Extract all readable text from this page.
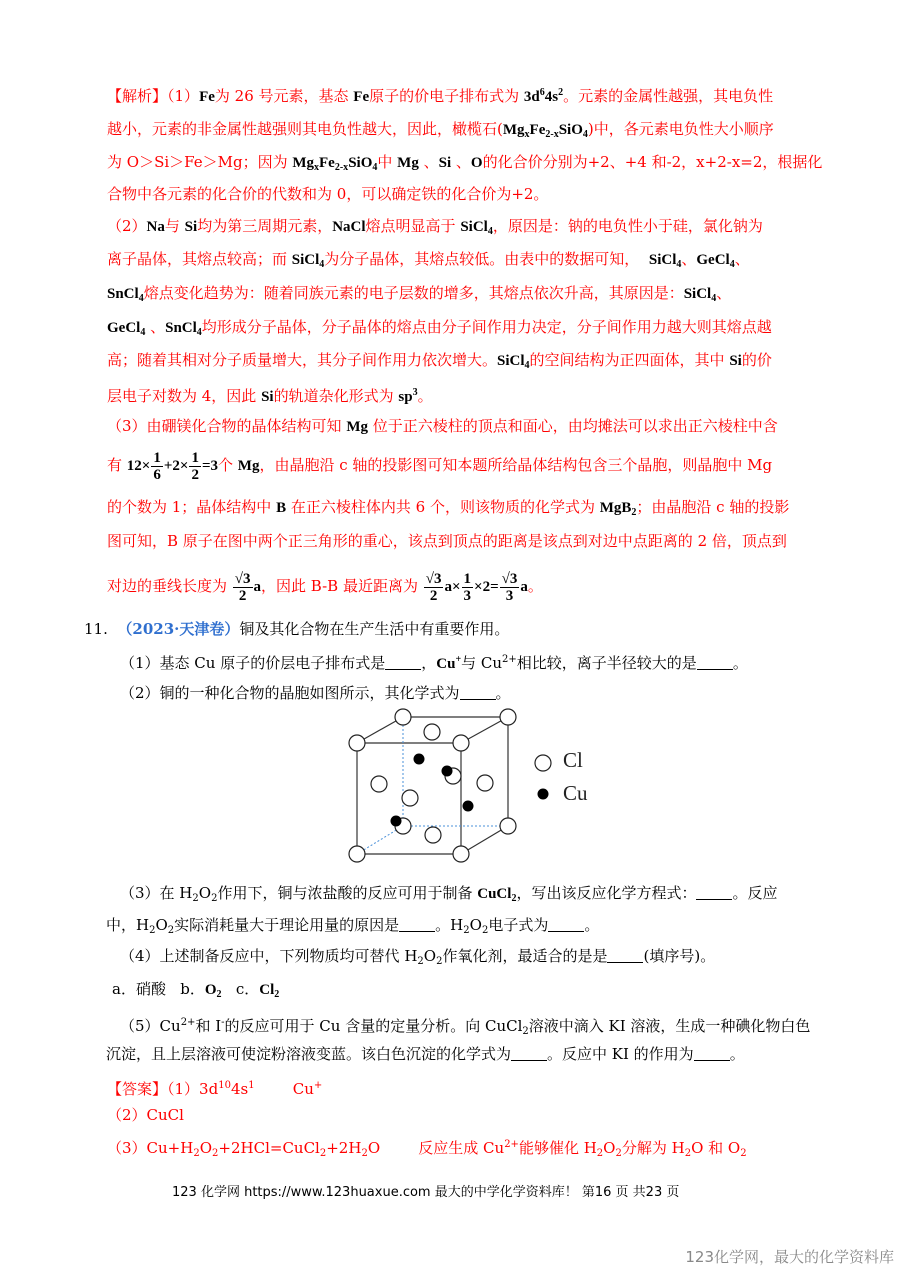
【解析】（1）Fe为 26 号元素，基态 Fe原子的价电子排布式为 $3d^64s^2$。元素的金属性越强，其电负性
越小，元素的非金属性越强则其电负性越大，因此，橄榄石$(Mg_xFe_{2-x}SiO_4)$中，各元素电负性大小顺序
为 O＞Si＞Fe＞Mg；因为 $Mg_xFe_{2-x}SiO_4$中 Mg 、Si 、O的化合价分别为+2、+4 和-2，x+2-x=2，根据化
合物中各元素的化合价的代数和为 0，可以确定铁的化合价为+2。
（2）Na与 Si均为第三周期元素，NaCl熔点明显高于 SiCl$_4$，原因是：钠的电负性小于硅，氯化钠为
离子晶体，其熔点较高；而 SiCl$_4$为分子晶体，其熔点较低。由表中的数据可知， SiCl$_4$、GeCl$_4$、
SnCl$_4$熔点变化趋势为：随着同族元素的电子层数的增多，其熔点依次升高，其原因是：SiCl$_4$、
GeCl$_4$ 、SnCl$_4$均形成分子晶体，分子晶体的熔点由分子间作用力决定，分子间作用力越大则其熔点越
高；随着其相对分子质量增大，其分子间作用力依次增大。SiCl$_4$的空间结构为正四面体，其中 Si的价
层电子对数为 4，因此 Si的轨道杂化形式为 $sp^3$。
（3）由硼镁化合物的晶体结构可知 Mg 位于正六棱柱的顶点和面心，由均摊法可以求出正六棱柱中含
有 $12\times \frac{1}{6} +2\times \frac{1}{2} =3$个 Mg，由晶胞沿 c 轴的投影图可知本题所给晶体结构包含三个晶胞，则晶胞中 Mg
的个数为 1；晶体结构中 B 在正六棱柱体内共 6 个，则该物质的化学式为 MgB$_2$；由晶胞沿 c 轴的投影
图可知，B 原子在图中两个正三角形的重心，该点到顶点的距离是该点到对边中点距离的 2 倍，顶点到
对边的垂线长度为 $\frac{√3}{2}$ a，因此 B-B 最近距离为 $\frac{√3}{2} a\times \frac{1}{3} \times 2= \frac{√3}{3}$ a。
11. （2023·天津卷）铜及其化合物在生产生活中有重要作用。
（1）基态 Cu 原子的价层电子排布式是 ，Cu+与 $Cu^{2+}$相比较，离子半径较大的是 。
（2）铜的一种化合物的晶胞如图所示，其化学式为 。
Cl
Cu
（3）在 $H_2O_2$作用下，铜与浓盐酸的反应可用于制备 CuCl$_2$，写出该反应化学方程式： 。反应
中，$H_2O_2$实际消耗量大于理论用量的原因是 。$H_2O_2$电子式为 。
（4）上述制备反应中，下列物质均可替代 $H_2O_2$作氧化剂，最适合的是是 (填序号)。
a．硝酸 b．$O_2$ c．$Cl_2$
$(5)Cu^{2+}$和 I-的反应可用于 Cu 含量的定量分析。向 CuCl$_2$溶液中滴入 KI 溶液，生成一种碘化物白色
沉淀，且上层溶液可使淀粉溶液变蓝。该白色沉淀的化学式为 。反应中 KI 的作用为 。
【答案】$(1)3d^{10}4s^1$	Cu+
（2）CuCl
$(3)Cu+H_2O_2+2HCl=CuCl_2+2H_2O$	反应生成 $Cu^{2+}$能够催化 $H_2O_2$分解为 $H_2O$ 和 $O_2$
123 化学网 https://www.123huaxue.com 最大的中学化学资料库！ 第16 页 共23 页
123化学网，最大的化学资料库
